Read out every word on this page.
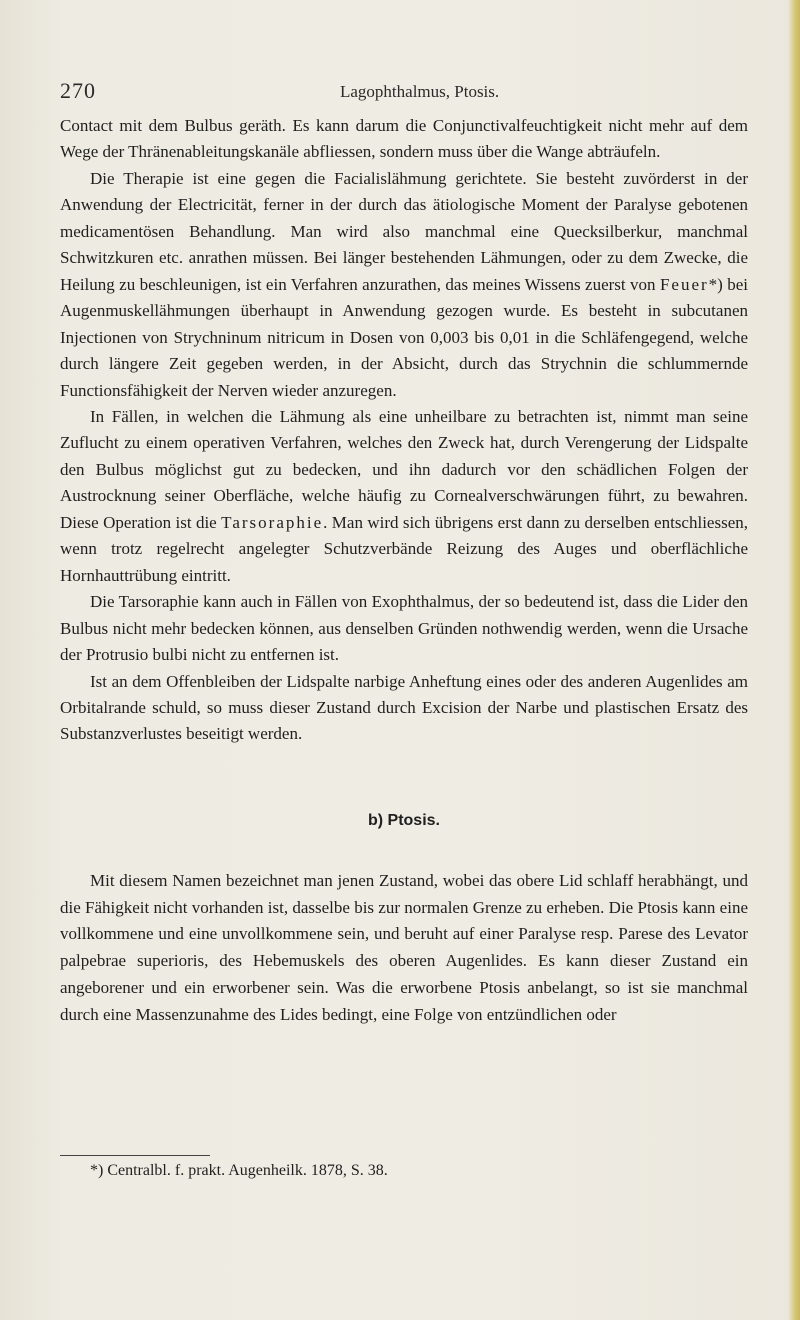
270	Lagophthalmus, Ptosis.

Contact mit dem Bulbus geräth. Es kann darum die Conjunctivalfeuchtigkeit nicht mehr auf dem Wege der Thränenableitungskanäle abfliessen, sondern muss über die Wange abträufeln.

Die Therapie ist eine gegen die Facialislähmung gerichtete. Sie besteht zuvörderst in der Anwendung der Electricität, ferner in der durch das ätiologische Moment der Paralyse gebotenen medicamentösen Behandlung. Man wird also manchmal eine Quecksilberkur, manchmal Schwitzkuren etc. anrathen müssen. Bei länger bestehenden Lähmungen, oder zu dem Zwecke, die Heilung zu beschleunigen, ist ein Verfahren anzurathen, das meines Wissens zuerst von Feuer*) bei Augenmuskellähmungen überhaupt in Anwendung gezogen wurde. Es besteht in subcutanen Injectionen von Strychninum nitricum in Dosen von 0,003 bis 0,01 in die Schläfengegend, welche durch längere Zeit gegeben werden, in der Absicht, durch das Strychnin die schlummernde Functionsfähigkeit der Nerven wieder anzuregen.

In Fällen, in welchen die Lähmung als eine unheilbare zu betrachten ist, nimmt man seine Zuflucht zu einem operativen Verfahren, welches den Zweck hat, durch Verengerung der Lidspalte den Bulbus möglichst gut zu bedecken, und ihn dadurch vor den schädlichen Folgen der Austrocknung seiner Oberfläche, welche häufig zu Cornealverschwärungen führt, zu bewahren. Diese Operation ist die Tarsoraphie. Man wird sich übrigens erst dann zu derselben entschliessen, wenn trotz regelrecht angelegter Schutzverbände Reizung des Auges und oberflächliche Hornhauttrübung eintritt.

Die Tarsoraphie kann auch in Fällen von Exophthalmus, der so bedeutend ist, dass die Lider den Bulbus nicht mehr bedecken können, aus denselben Gründen nothwendig werden, wenn die Ursache der Protrusio bulbi nicht zu entfernen ist.

Ist an dem Offenbleiben der Lidspalte narbige Anheftung eines oder des anderen Augenlides am Orbitalrande schuld, so muss dieser Zustand durch Excision der Narbe und plastischen Ersatz des Substanzverlustes beseitigt werden.

b) Ptosis.

Mit diesem Namen bezeichnet man jenen Zustand, wobei das obere Lid schlaff herabhängt, und die Fähigkeit nicht vorhanden ist, dasselbe bis zur normalen Grenze zu erheben. Die Ptosis kann eine vollkommene und eine unvollkommene sein, und beruht auf einer Paralyse resp. Parese des Levator palpebrae superioris, des Hebemuskels des oberen Augenlides. Es kann dieser Zustand ein angeborener und ein erworbener sein. Was die erworbene Ptosis anbelangt, so ist sie manchmal durch eine Massenzunahme des Lides bedingt, eine Folge von entzündlichen oder

*) Centralbl. f. prakt. Augenheilk. 1878, S. 38.
